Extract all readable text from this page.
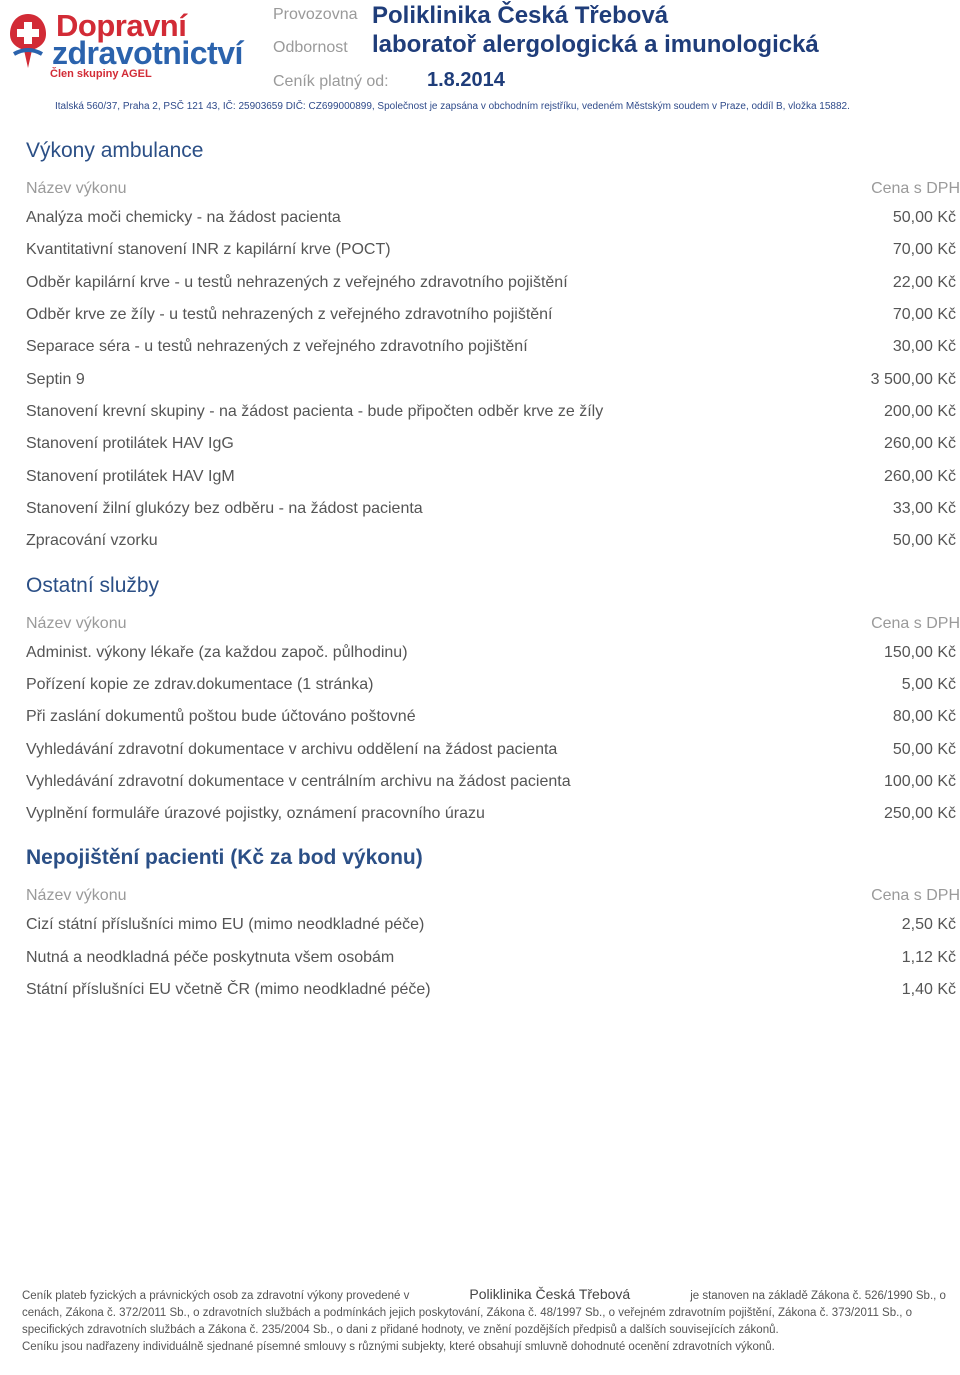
Dopravní
zdravotnictví
Člen skupiny AGEL
Provozovna Poliklinika Česká Třebová
Odbornost laboratoř alergologická a imunologická
Ceník platný od: 1.8.2014
Italská 560/37, Praha 2, PSČ 121 43, IČ: 25903659 DIČ: CZ699000899, Společnost je zapsána v obchodním rejstříku, vedeném Městským soudem v Praze, oddíl B, vložka 15882.
Výkony ambulance
Název výkonu	Cena s DPH
Analýza moči chemicky - na žádost pacienta	50,00 Kč
Kvantitativní stanovení INR z kapilární krve (POCT)	70,00 Kč
Odběr kapilární krve - u testů nehrazených z veřejného zdravotního pojištění	22,00 Kč
Odběr krve ze žíly - u testů nehrazených z veřejného zdravotního pojištění	70,00 Kč
Separace séra - u testů nehrazených z veřejného zdravotního pojištění	30,00 Kč
Septin 9	3 500,00 Kč
Stanovení krevní skupiny - na žádost pacienta - bude připočten odběr krve ze žíly	200,00 Kč
Stanovení protilátek HAV IgG	260,00 Kč
Stanovení protilátek HAV IgM	260,00 Kč
Stanovení žilní glukózy bez odběru - na žádost pacienta	33,00 Kč
Zpracování vzorku	50,00 Kč
Ostatní služby
Název výkonu	Cena s DPH
Administ. výkony lékaře (za každou započ. půlhodinu)	150,00 Kč
Pořízení kopie ze zdrav.dokumentace (1 stránka)	5,00 Kč
Při zaslání dokumentů poštou bude účtováno poštovné	80,00 Kč
Vyhledávání zdravotní dokumentace v archivu oddělení na žádost pacienta	50,00 Kč
Vyhledávání zdravotní dokumentace v centrálním archivu na žádost pacienta	100,00 Kč
Vyplnění formuláře úrazové pojistky, oznámení pracovního úrazu	250,00 Kč
Nepojištění pacienti (Kč za bod výkonu)
Název výkonu	Cena s DPH
Cizí státní příslušníci mimo EU (mimo neodkladné péče)	2,50 Kč
Nutná a neodkladná péče poskytnuta všem osobám	1,12 Kč
Státní příslušníci EU včetně ČR (mimo neodkladné péče)	1,40 Kč
Ceník plateb fyzických a právnických osob za zdravotní výkony provedené v	Poliklinika Česká Třebová	je stanoven na základě Zákona č. 526/1990 Sb., o cenách, Zákona č. 372/2011 Sb., o zdravotních službách a podmínkách jejich poskytování, Zákona č. 48/1997 Sb., o veřejném zdravotním pojištění, Zákona č. 373/2011 Sb., o specifických zdravotních službách a Zákona č. 235/2004 Sb., o dani z přidané hodnoty, ve znění pozdějších předpisů a dalších souvisejících zákonů.
Ceníku jsou nadřazeny individuálně sjednané písemné smlouvy s různými subjekty, které obsahují smluvně dohodnuté ocenění zdravotních výkonů.
